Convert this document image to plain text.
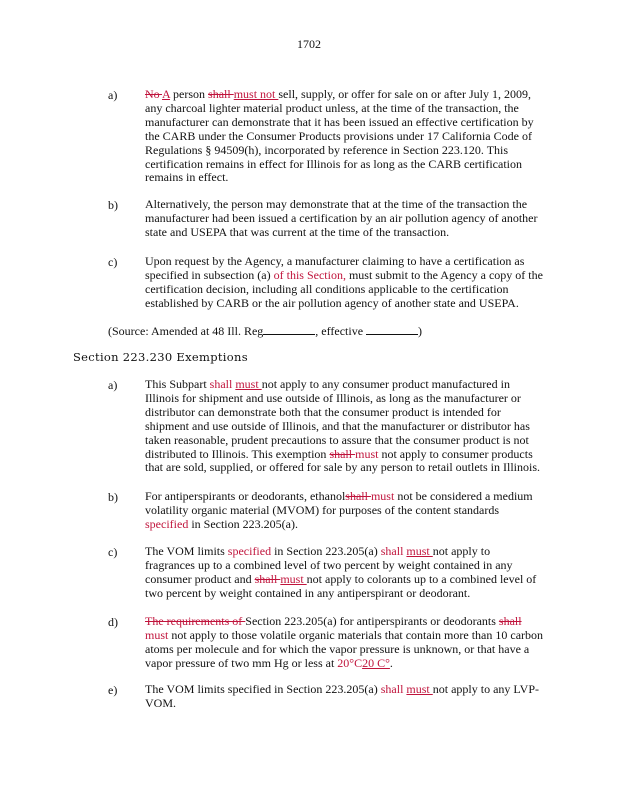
1702
a) No A person shall must not sell, supply, or offer for sale on or after July 1, 2009, any charcoal lighter material product unless, at the time of the transaction, the manufacturer can demonstrate that it has been issued an effective certification by the CARB under the Consumer Products provisions under 17 California Code of Regulations § 94509(h), incorporated by reference in Section 223.120. This certification remains in effect for Illinois for as long as the CARB certification remains in effect.
b) Alternatively, the person may demonstrate that at the time of the transaction the manufacturer had been issued a certification by an air pollution agency of another state and USEPA that was current at the time of the transaction.
c) Upon request by the Agency, a manufacturer claiming to have a certification as specified in subsection (a) of this Section, must submit to the Agency a copy of the certification decision, including all conditions applicable to the certification established by CARB or the air pollution agency of another state and USEPA.
(Source: Amended at 48 Ill. Reg	, effective	)
Section 223.230 Exemptions
a) This Subpart shall must not apply to any consumer product manufactured in Illinois for shipment and use outside of Illinois, as long as the manufacturer or distributor can demonstrate both that the consumer product is intended for shipment and use outside of Illinois, and that the manufacturer or distributor has taken reasonable, prudent precautions to assure that the consumer product is not distributed to Illinois. This exemption shall must not apply to consumer products that are sold, supplied, or offered for sale by any person to retail outlets in Illinois.
b) For antiperspirants or deodorants, ethanolshall must not be considered a medium volatility organic material (MVOM) for purposes of the content standards specified in Section 223.205(a).
c) The VOM limits specified in Section 223.205(a) shall must not apply to fragrances up to a combined level of two percent by weight contained in any consumer product and shall must not apply to colorants up to a combined level of two percent by weight contained in any antiperspirant or deodorant.
d) The requirements of Section 223.205(a) for antiperspirants or deodorants shall must not apply to those volatile organic materials that contain more than 10 carbon atoms per molecule and for which the vapor pressure is unknown, or that have a vapor pressure of two mm Hg or less at 20°C20 C°.
e) The VOM limits specified in Section 223.205(a) shall must not apply to any LVP-VOM.
